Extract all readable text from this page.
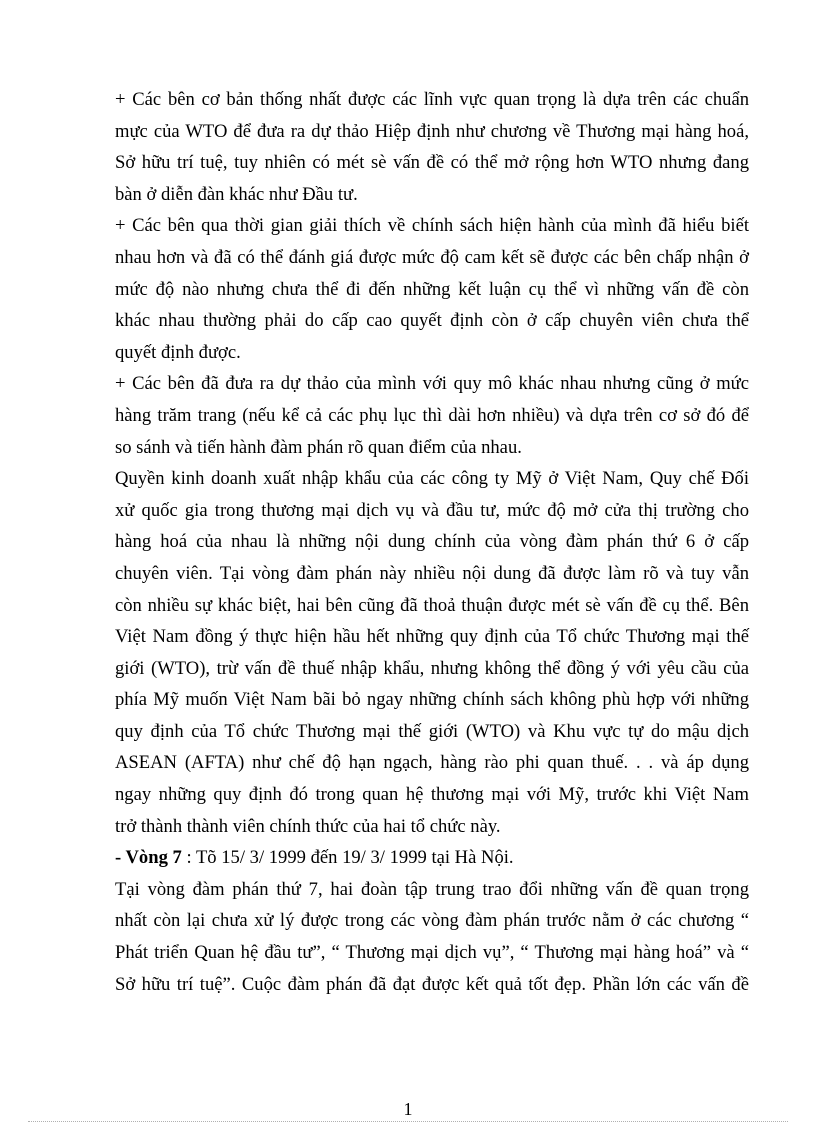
+ Các bên cơ bản thống nhất được các lĩnh vực quan trọng là dựa trên các chuẩn
mực của WTO để đưa ra dự thảo Hiệp định như chương về Thương mại hàng hoá,
Sở hữu trí tuệ, tuy nhiên có mét sè vấn đề có thể mở rộng hơn WTO nhưng đang
bàn ở diễn đàn khác như Đầu tư.

+ Các bên qua thời gian giải thích về chính sách hiện hành của mình đã hiểu biết
nhau hơn và đã có thể đánh giá được mức độ cam kết sẽ được các bên chấp nhận ở
mức độ nào nhưng chưa thể đi đến những kết luận cụ thể vì những vấn đề còn
khác nhau thường phải do cấp cao quyết định còn ở cấp chuyên viên chưa thể
quyết định được.

+ Các bên đã đưa ra dự thảo của mình với quy mô khác nhau nhưng cũng ở mức
hàng trăm trang (nếu kể cả các phụ lục thì dài hơn nhiều) và dựa trên cơ sở đó để
so sánh và tiến hành đàm phán rõ quan điểm của nhau.

Quyền kinh doanh xuất nhập khẩu của các công ty Mỹ ở Việt Nam, Quy chế Đối
xử quốc gia trong thương mại dịch vụ và đầu tư, mức độ mở cửa thị trường cho
hàng hoá của nhau là những nội dung chính của vòng đàm phán thứ 6 ở cấp
chuyên viên. Tại vòng đàm phán này nhiều nội dung đã được làm rõ và tuy vẫn
còn nhiều sự khác biệt, hai bên cũng đã thoả thuận được mét sè vấn đề cụ thể. Bên
Việt Nam đồng ý thực hiện hầu hết những quy định của Tổ chức Thương mại thế
giới (WTO), trừ vấn đề thuế nhập khẩu, nhưng không thể đồng ý với yêu cầu của
phía Mỹ muốn Việt Nam bãi bỏ ngay những chính sách không phù hợp với những
quy định của Tổ chức Thương mại thế giới (WTO) và Khu vực tự do mậu dịch
ASEAN (AFTA) như chế độ hạn ngạch, hàng rào phi quan thuế. . . và áp dụng
ngay những quy định đó trong quan hệ thương mại với Mỹ, trước khi Việt Nam
trở thành thành viên chính thức của hai tổ chức này.

- Vòng 7 : Tõ 15/ 3/ 1999 đến 19/ 3/ 1999 tại Hà Nội.

Tại vòng đàm phán thứ 7, hai đoàn tập trung trao đổi những vấn đề quan trọng
nhất còn lại chưa xử lý được trong các vòng đàm phán trước nằm ở các chương “
Phát triển Quan hệ đầu tư”, “ Thương mại dịch vụ”, “ Thương mại hàng hoá” và “
Sở hữu trí tuệ”. Cuộc đàm phán đã đạt được kết quả tốt đẹp. Phần lớn các vấn đề

1
